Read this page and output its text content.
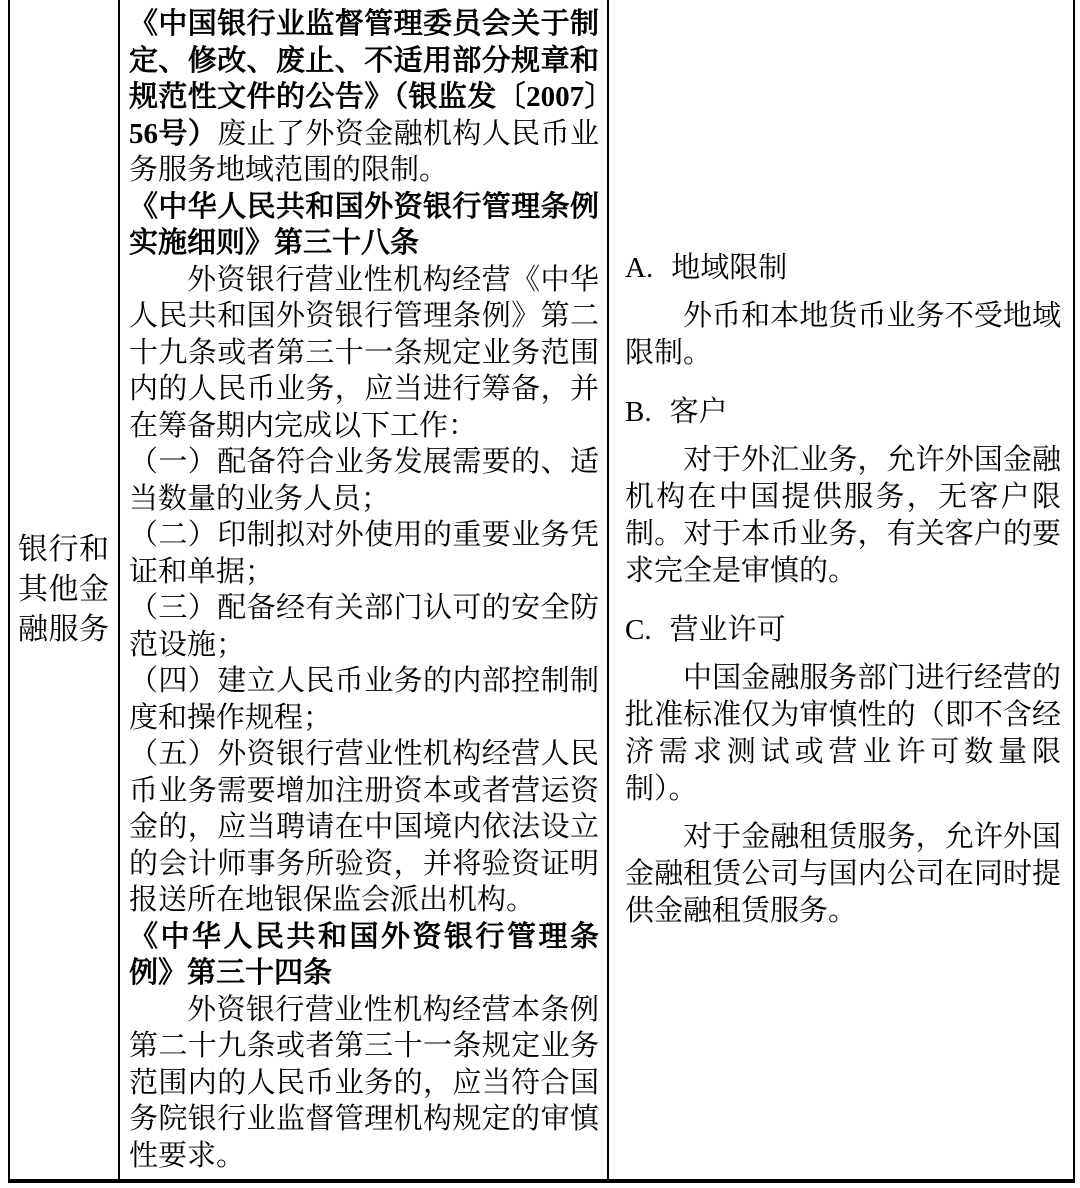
银行和其他金融服务

《中国银行业监督管理委员会关于制定、修改、废止、不适用部分规章和规范性文件的公告》（银监发〔2007〕56号）废止了外资金融机构人民币业务服务地域范围的限制。

《中华人民共和国外资银行管理条例实施细则》第三十八条

外资银行营业性机构经营《中华人民共和国外资银行管理条例》第二十九条或者第三十一条规定业务范围内的人民币业务，应当进行筹备，并在筹备期内完成以下工作：

（一）配备符合业务发展需要的、适当数量的业务人员；

（二）印制拟对外使用的重要业务凭证和单据；

（三）配备经有关部门认可的安全防范设施；

（四）建立人民币业务的内部控制制度和操作规程；

（五）外资银行营业性机构经营人民币业务需要增加注册资本或者营运资金的，应当聘请在中国境内依法设立的会计师事务所验资，并将验资证明报送所在地银保监会派出机构。

《中华人民共和国外资银行管理条例》第三十四条

外资银行营业性机构经营本条例第二十九条或者第三十一条规定业务范围内的人民币业务的，应当符合国务院银行业监督管理机构规定的审慎性要求。

A. 地域限制

外币和本地货币业务不受地域限制。

B. 客户

对于外汇业务，允许外国金融机构在中国提供服务，无客户限制。对于本币业务，有关客户的要求完全是审慎的。

C. 营业许可

中国金融服务部门进行经营的批准标准仅为审慎性的（即不含经济需求测试或营业许可数量限制）。

对于金融租赁服务，允许外国金融租赁公司与国内公司在同时提供金融租赁服务。
